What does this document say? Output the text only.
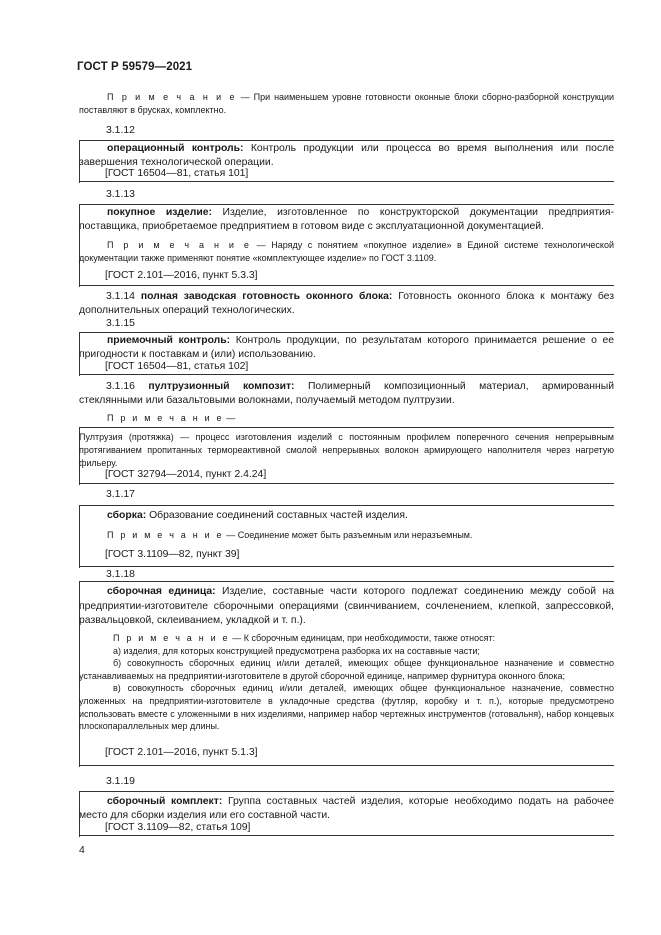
ГОСТ Р 59579—2021

П р и м е ч а н и е — При наименьшем уровне готовности оконные блоки сборно-разборной конструкции поставляют в брусках, комплектно.

3.1.12

операционный контроль: Контроль продукции или процесса во время выполнения или после завершения технологической операции.

[ГОСТ 16504—81, статья 101]
3.1.13

покупное изделие: Изделие, изготовленное по конструкторской документации предприятия-поставщика, приобретаемое предприятием в готовом виде с эксплуатационной документацией.

П р и м е ч а н и е — Наряду с понятием «покупное изделие» в Единой системе технологической документации также применяют понятие «комплектующее изделие» по ГОСТ 3.1109.

[ГОСТ 2.101—2016, пункт 5.3.3]

3.1.14 полная заводская готовность оконного блока: Готовность оконного блока к монтажу без дополнительных операций технологических.

3.1.15

приемочный контроль: Контроль продукции, по результатам которого принимается решение о ее пригодности к поставкам и (или) использованию.

[ГОСТ 16504—81, статья 102]

3.1.16 пултрузионный композит: Полимерный композиционный материал, армированный стеклянными или базальтовыми волокнами, получаемый методом пултрузии.

П р и м е ч а н и е —

Пултрузия (протяжка) — процесс изготовления изделий с постоянным профилем поперечного сечения непрерывным протягиванием пропитанных термореактивной смолой непрерывных волокон армирующего наполнителя через нагретую фильеру.

[ГОСТ 32794—2014, пункт 2.4.24]
3.1.17

сборка: Образование соединений составных частей изделия.

П р и м е ч а н и е — Соединение может быть разъемным или неразъемным.

[ГОСТ 3.1109—82, пункт 39]
3.1.18

сборочная единица: Изделие, составные части которого подлежат соединению между собой на предприятии-изготовителе сборочными операциями (свинчиванием, сочленением, клепкой, запрессовкой, развальцовкой, склеиванием, укладкой и т. п.).

П р и м е ч а н и е — К сборочным единицам, при необходимости, также относят:

а) изделия, для которых конструкцией предусмотрена разборка их на составные части;

б) совокупность сборочных единиц и/или деталей, имеющих общее функциональное назначение и совместно устанавливаемых на предприятии-изготовителе в другой сборочной единице, например фурнитура оконного блока;

в) совокупность сборочных единиц и/или деталей, имеющих общее функциональное назначение, совместно уложенных на предприятии-изготовителе в укладочные средства (футляр, коробку и т. п.), которые предусмотрено использовать вместе с уложенными в них изделиями, например набор чертежных инструментов (готовальня), набор концевых плоскопараллельных мер длины.

[ГОСТ 2.101—2016, пункт 5.1.3]
3.1.19

сборочный комплект: Группа составных частей изделия, которые необходимо подать на рабочее место для сборки изделия или его составной части.

[ГОСТ 3.1109—82, статья 109]
4
